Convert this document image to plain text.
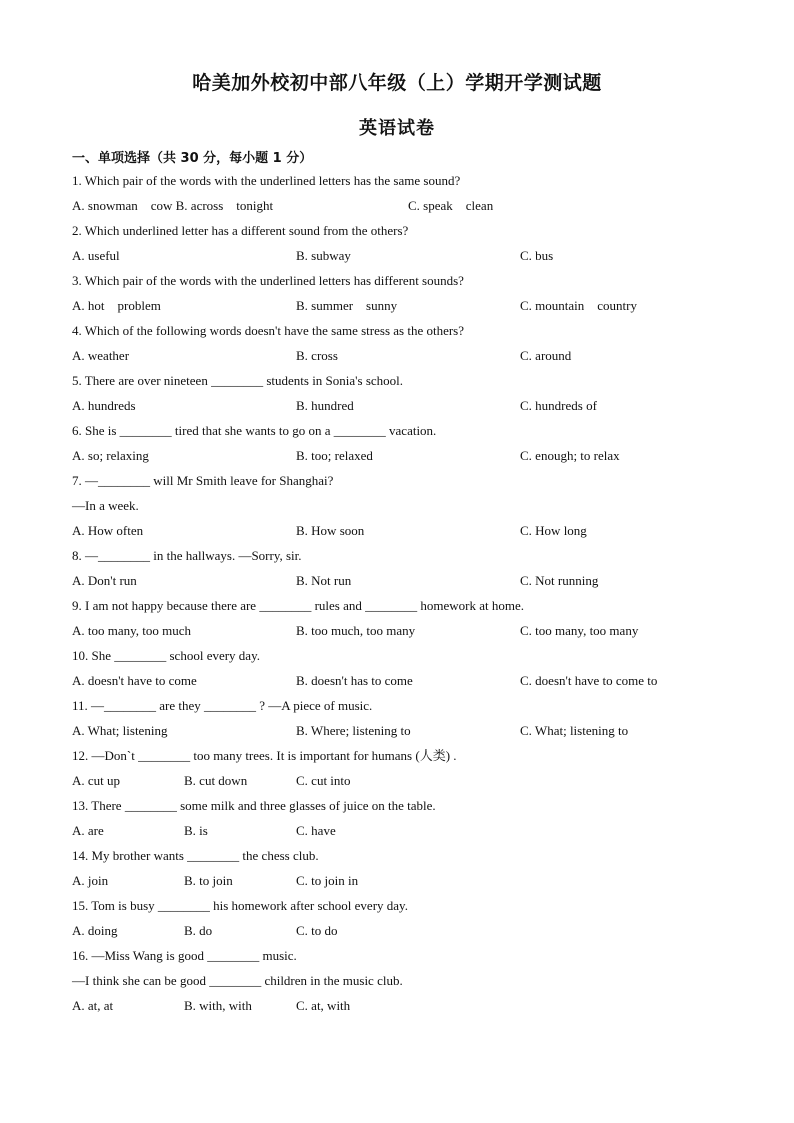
哈美加外校初中部八年级（上）学期开学测试题
英语试卷
一、单项选择（共 30 分，每小题 1 分）
1. Which pair of the words with the underlined letters has the same sound?
A. snowman    cow B. across    tonight	C. speak    clean
2. Which underlined letter has a different sound from the others?
A. useful	B. subway	C. bus
3. Which pair of the words with the underlined letters has different sounds?
A. hot    problem	B. summer    sunny	C. mountain    country
4. Which of the following words doesn't have the same stress as the others?
A. weather	B. cross	C. around
5. There are over nineteen ________ students in Sonia's school.
A. hundreds	B. hundred	C. hundreds of
6. She is ________ tired that she wants to go on a ________ vacation.
A. so; relaxing	B. too; relaxed	C. enough; to relax
7. —________ will Mr Smith leave for Shanghai?
—In a week.
A. How often	B. How soon	C. How long
8. —________ in the hallways. —Sorry, sir.
A. Don't run	B. Not run	C. Not running
9. I am not happy because there are ________ rules and ________ homework at home.
A. too many, too much	B. too much, too many	C. too many, too many
10. She ________ school every day.
A. doesn't have to come	B. doesn't has to come	C. doesn't have to come to
11. —________ are they ________ ? —A piece of music.
A. What; listening	B. Where; listening to	C. What; listening to
12. —Don`t ________ too many trees. It is important for humans (人类) .
A. cut up	B. cut down	C. cut into
13. There ________ some milk and three glasses of juice on the table.
A. are	B. is	C. have
14. My brother wants ________ the chess club.
A. join	B. to join	C. to join in
15. Tom is busy ________ his homework after school every day.
A. doing	B. do	C. to do
16. —Miss Wang is good ________ music.
—I think she can be good ________ children in the music club.
A. at, at	B. with, with	C. at, with
